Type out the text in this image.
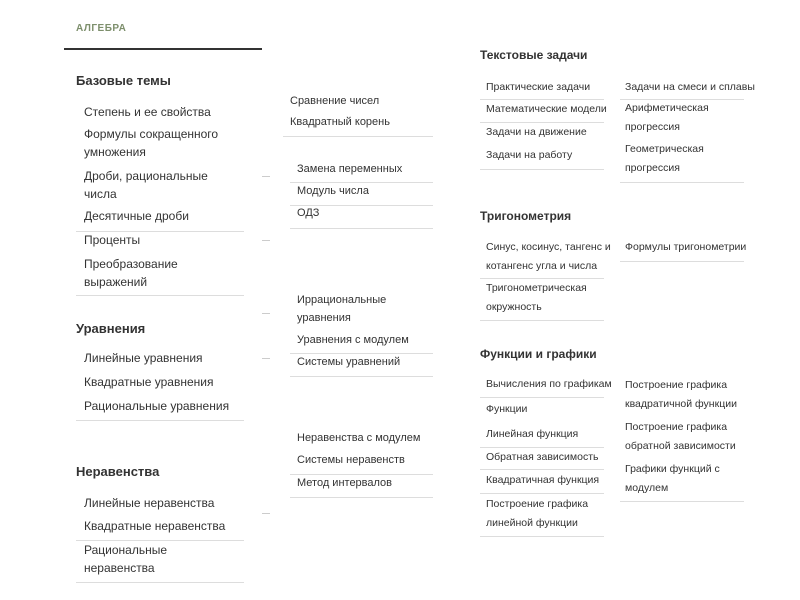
АЛГЕБРА
Базовые темы
Степень и ее свойства
Формулы сокращенного умножения
Дроби, рациональные числа
Десятичные дроби
Проценты
Преобразование выражений
Уравнения
Линейные уравнения
Квадратные уравнения
Рациональные уравнения
Неравенства
Линейные неравенства
Квадратные неравенства
Рациональные неравенства
Сравнение чисел
Квадратный корень
Замена переменных
Модуль числа
ОДЗ
Иррациональные уравнения
Уравнения с модулем
Системы уравнений
Неравенства с модулем
Системы неравенств
Метод интервалов
Текстовые задачи
Практические задачи
Математические модели
Задачи на движение
Задачи на работу
Задачи на смеси и сплавы
Арифметическая прогрессия
Геометрическая прогрессия
Тригонометрия
Синус, косинус, тангенс и котангенс угла и числа
Тригонометрическая окружность
Формулы тригонометрии
Функции и графики
Вычисления по графикам
Функции
Линейная функция
Обратная зависимость
Квадратичная функция
Построение графика линейной функции
Построение графика квадратичной функции
Построение графика обратной зависимости
Графики функций с модулем
